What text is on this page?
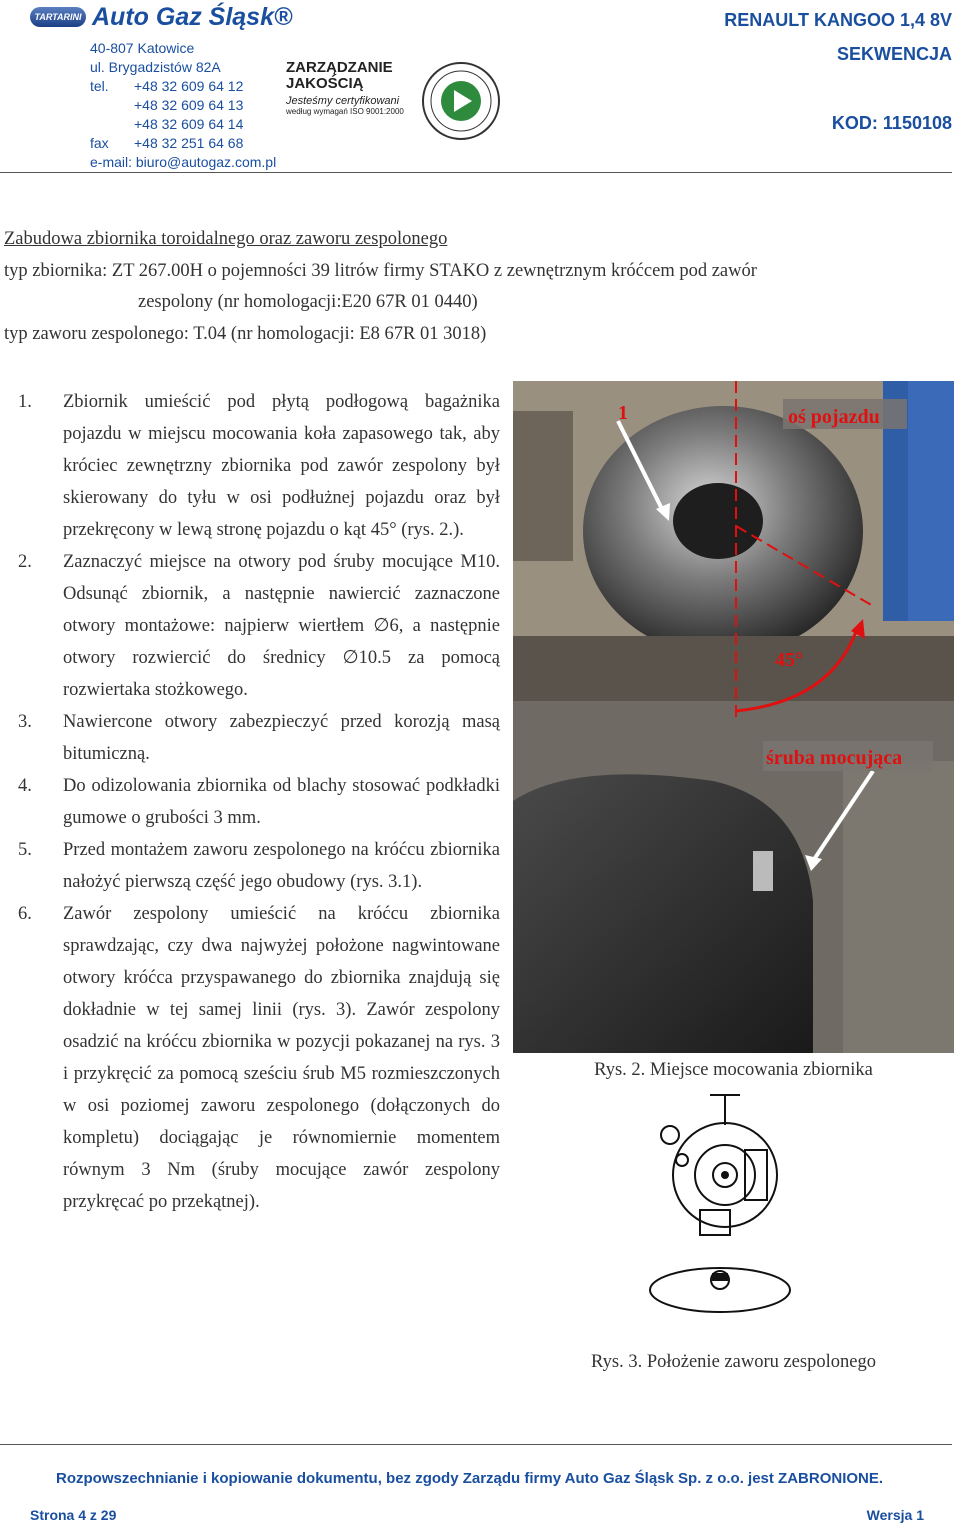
TARTARINI Auto Gaz Śląsk®
40-807 Katowice
ul. Brygadzistów 82A
tel.	+48 32 609 64 12
+48 32 609 64 13
+48 32 609 64 14
fax	+48 32 251 64 68
e-mail: biuro@autogaz.com.pl
ZARZĄDZANIE
JAKOŚCIĄ
Jesteśmy certyfikowani
według wymagań ISO 9001:2000
RENAULT KANGOO 1,4 8V
SEKWENCJA
KOD: 1150108
Zabudowa zbiornika toroidalnego oraz zaworu zespolonego
typ zbiornika: ZT 267.00H o pojemności 39 litrów firmy STAKO z zewnętrznym króćcem pod zawór
zespolony (nr homologacji:E20 67R 01 0440)
typ zaworu zespolonego: T.04 (nr homologacji: E8 67R 01 3018)
1.	Zbiornik umieścić pod płytą podłogową bagażnika pojazdu w miejscu mocowania koła zapasowego tak, aby króciec zewnętrzny zbiornika pod zawór zespolony był skierowany do tyłu w osi podłużnej pojazdu oraz był przekręcony w lewą stronę pojazdu o kąt 45° (rys. 2.).
2.	Zaznaczyć miejsce na otwory pod śruby mocujące M10. Odsunąć zbiornik, a następnie nawiercić zaznaczone otwory montażowe: najpierw wiertłem ∅6, a następnie otwory rozwiercić do średnicy ∅10.5 za pomocą rozwiertaka stożkowego.
3.	Nawiercone otwory zabezpieczyć przed korozją masą bitumiczną.
4.	Do odizolowania zbiornika od blachy stosować podkładki gumowe o grubości 3 mm.
5.	Przed montażem zaworu zespolonego na króćcu zbiornika nałożyć pierwszą część jego obudowy (rys. 3.1).
6.	Zawór zespolony umieścić na króćcu zbiornika sprawdzając, czy dwa najwyżej położone nagwintowane otwory króćca przyspawanego do zbiornika znajdują się dokładnie w tej samej linii (rys. 3). Zawór zespolony osadzić na króćcu zbiornika w pozycji pokazanej na rys. 3 i przykręcić za pomocą sześciu śrub M5 rozmieszczonych w osi poziomej zaworu zespolonego (dołączonych do kompletu) dociągając je równomiernie momentem równym 3 Nm (śruby mocujące zawór zespolony przykręcać po przekątnej).
1	oś pojazdu
45°
śruba mocująca
Rys. 2. Miejsce mocowania zbiornika
Rys. 3. Położenie zaworu zespolonego
Rozpowszechnianie i kopiowanie dokumentu, bez zgody Zarządu firmy Auto Gaz Śląsk Sp. z o.o. jest ZABRONIONE.
Strona 4 z 29	Wersja 1
